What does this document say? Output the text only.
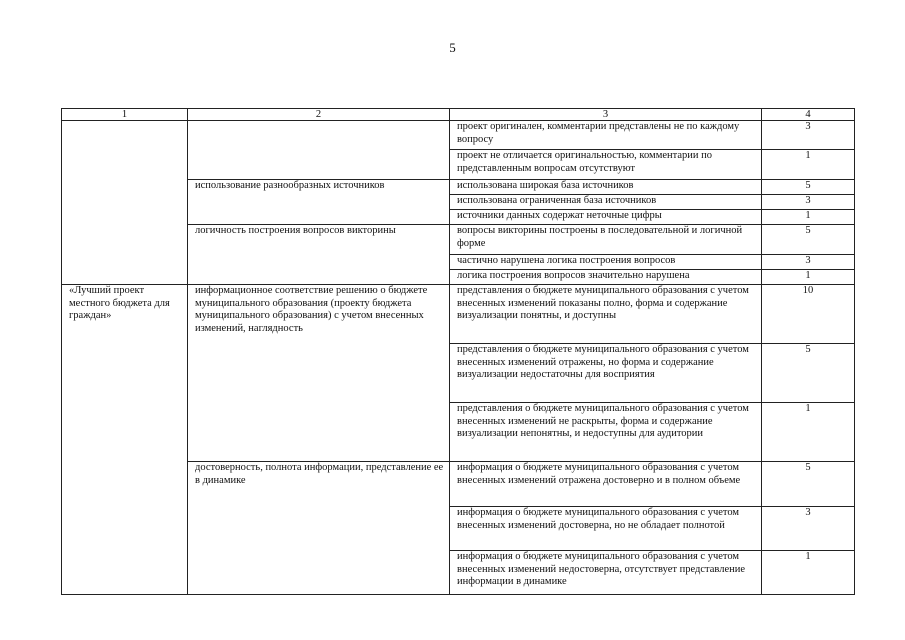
5
1	2	3	4
		проект оригинален, комментарии представлены не по каждому вопросу	3
		проект не отличается оригинальностью, комментарии по представленным вопросам отсутствуют	1
	использование разнообразных источников	использована широкая база источников	5
		использована ограниченная база источников	3
		источники данных содержат неточные цифры	1
	логичность построения вопросов викторины	вопросы викторины построены в последовательной и логичной форме	5
		частично нарушена логика построения вопросов	3
		логика построения вопросов значительно нарушена	1
«Лучший проект местного бюджета для граждан»	информационное соответствие решению о бюджете муниципального образования (проекту бюджета муниципального образования) с учетом внесенных изменений, наглядность	представления о бюджете муниципального образования с учетом внесенных изменений показаны полно, форма и содержание визуализации понятны, и доступны	10
		представления о бюджете муниципального образования с учетом внесенных изменений отражены, но форма и содержание визуализации недостаточны для восприятия	5
		представления о бюджете муниципального образования с учетом внесенных изменений не раскрыты, форма и содержание визуализации непонятны, и недоступны для аудитории	1
	достоверность, полнота информации, представление ее в динамике	информация о бюджете муниципального образования с учетом внесенных изменений отражена достоверно и в полном объеме	5
		информация о бюджете муниципального образования с учетом внесенных изменений достоверна, но не обладает полнотой	3
		информация о бюджете муниципального образования с учетом внесенных изменений недостоверна, отсутствует представление информации в динамике	1
